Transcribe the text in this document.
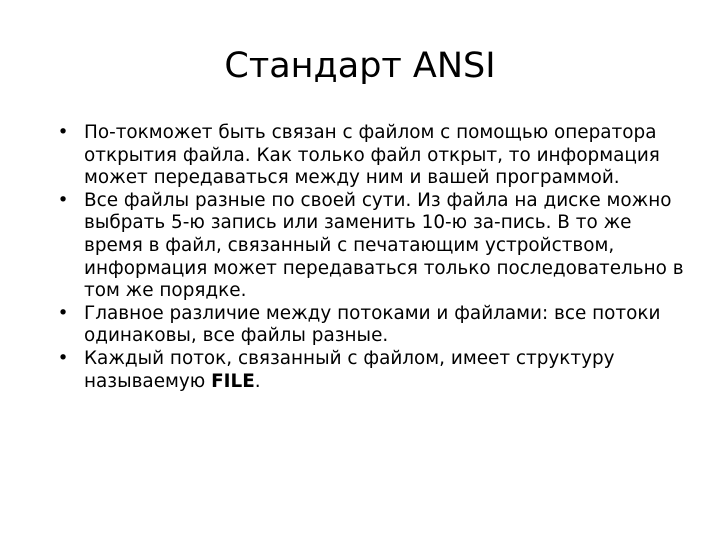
Стандарт ANSI
• По-токможет быть связан с файлом с помощью оператора открытия файла. Как только файл открыт, то информация может передаваться между ним и вашей программой.
• Все файлы разные по своей сути. Из файла на диске можно выбрать 5-ю запись или заменить 10-ю за-пись. В то же время в файл, связанный с печатающим устройством, информация может передаваться только последовательно в том же порядке.
• Главное различие между потоками и файлами: все потоки одинаковы, все файлы разные.
• Каждый поток, связанный с файлом, имеет структуру называемую FILE.
